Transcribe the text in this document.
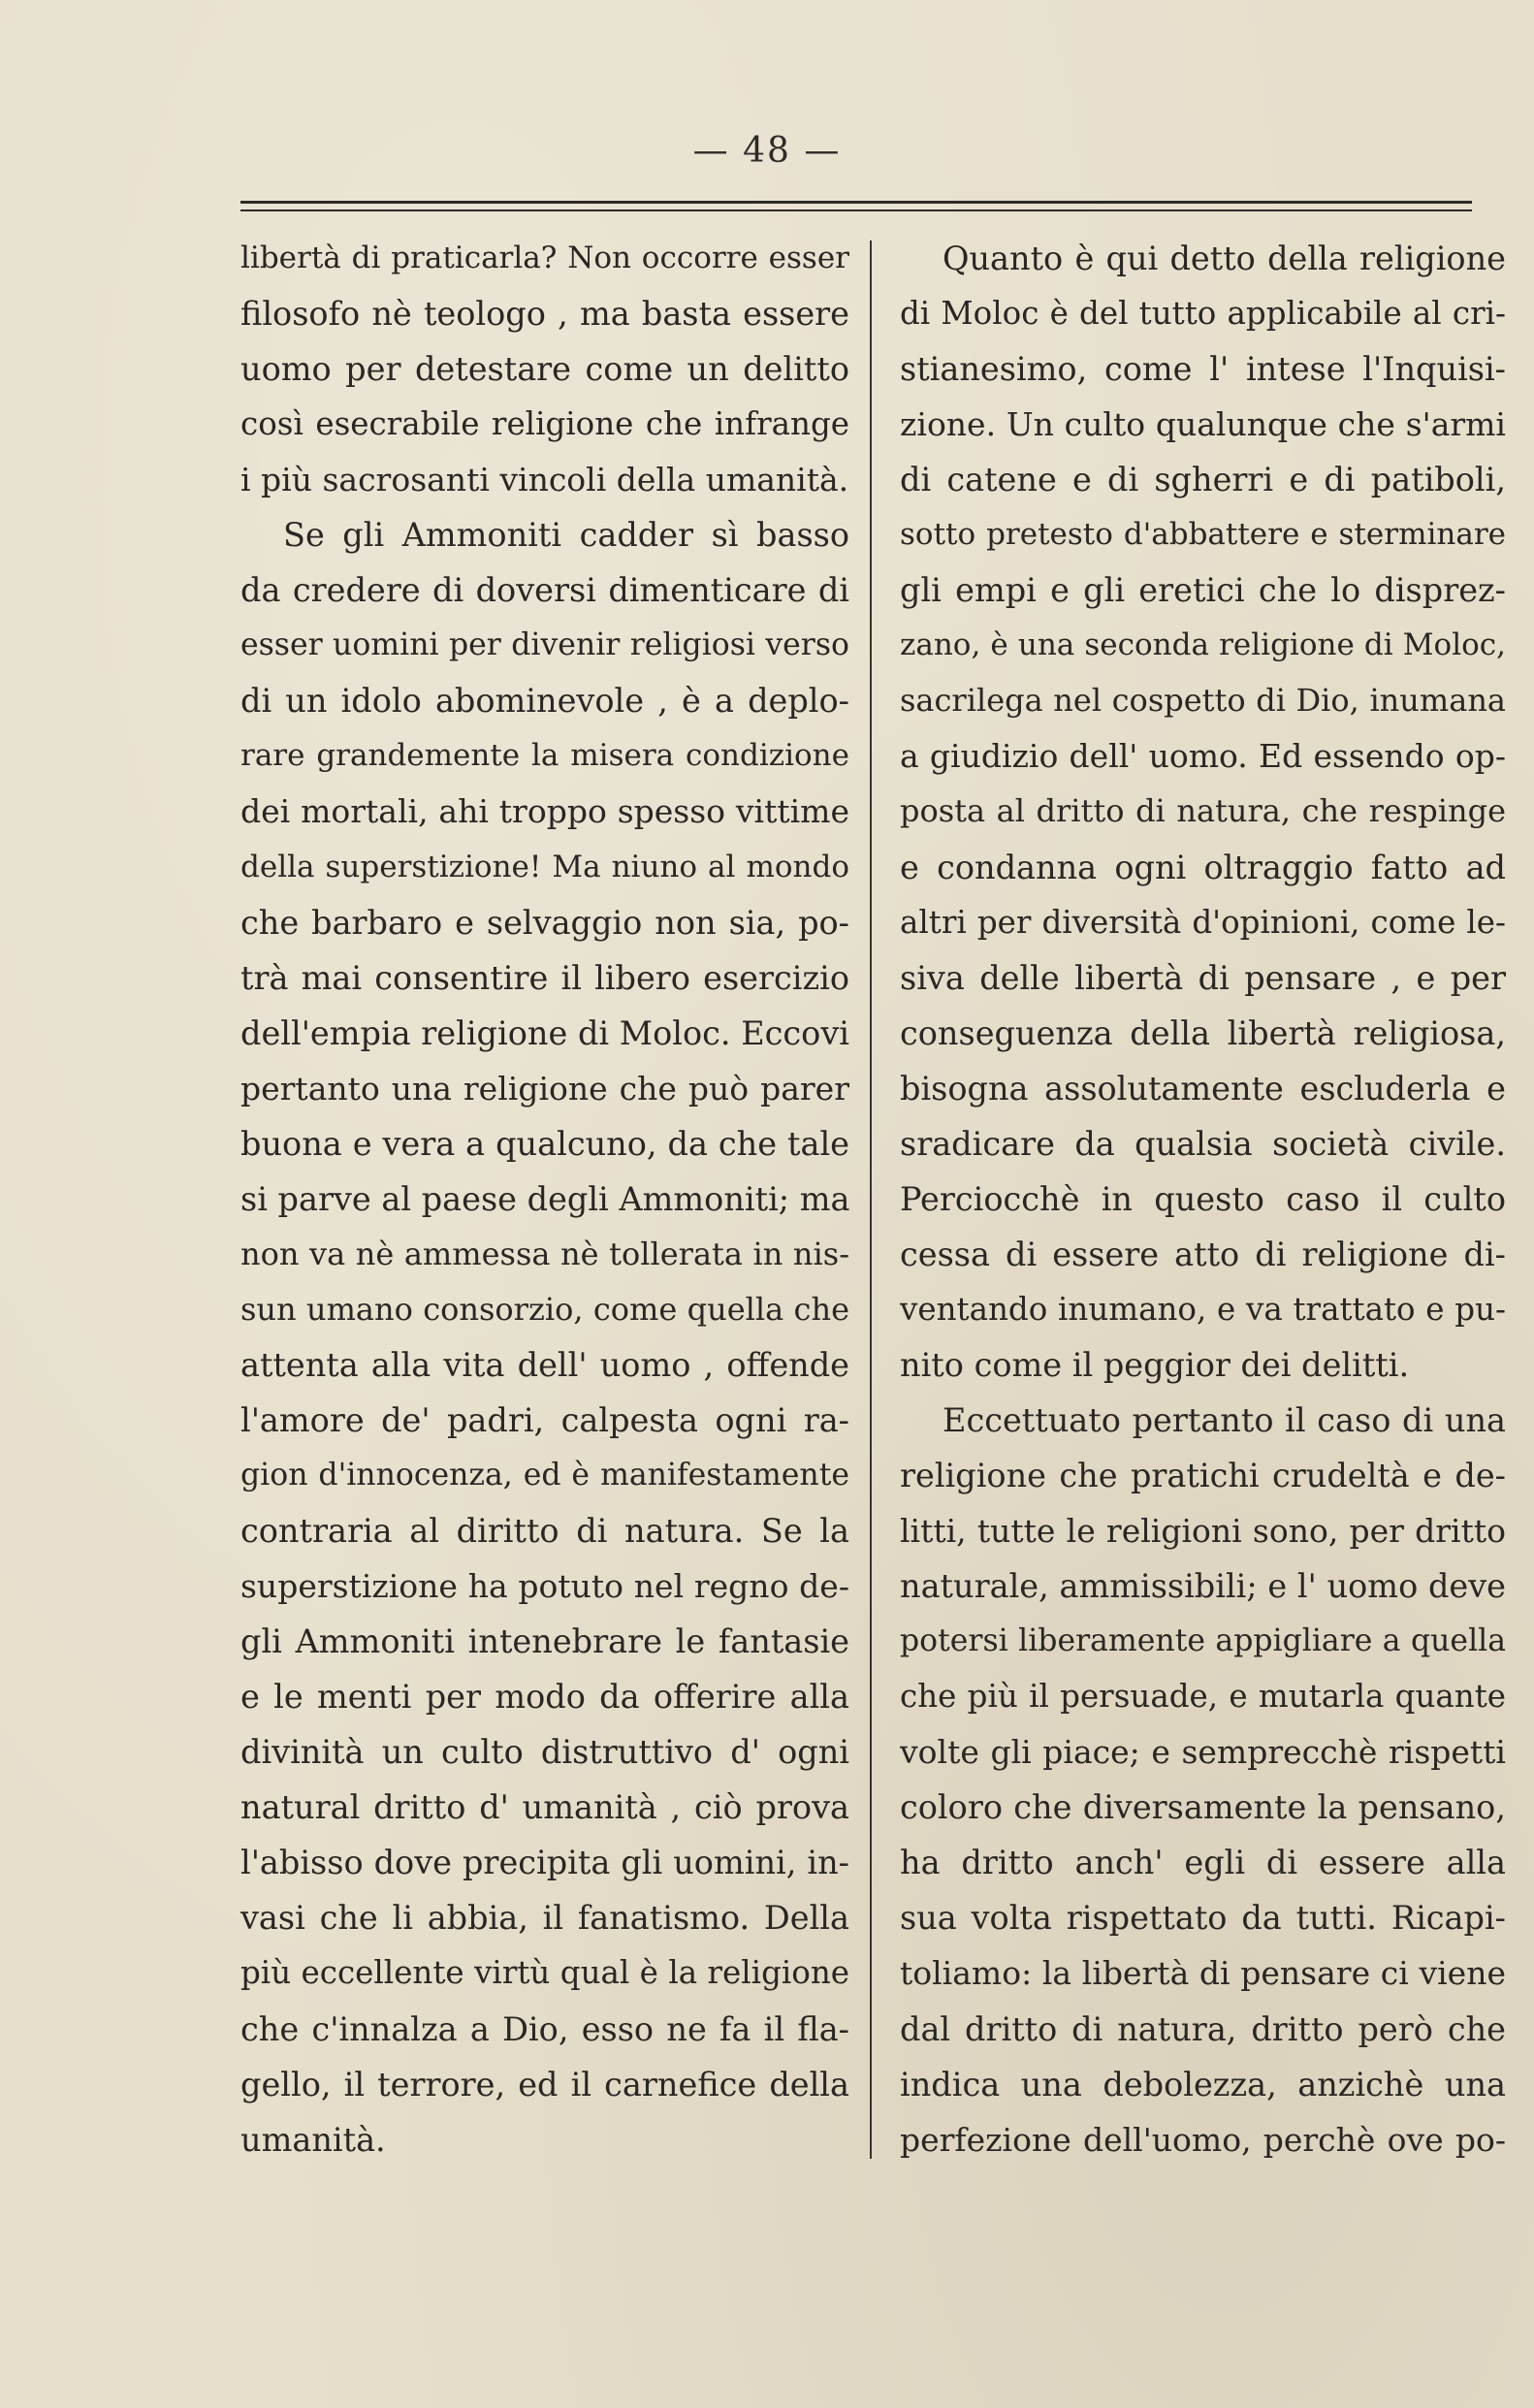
— 48 —
libertà di praticarla? Non occorre esser
filosofo nè teologo , ma basta essere
uomo per detestare come un delitto
così esecrabile religione che infrange
i più sacrosanti vincoli della umanità.
Se gli Ammoniti cadder sì basso
da credere di doversi dimenticare di
esser uomini per divenir religiosi verso
di un idolo abominevole , è a deplo-
rare grandemente la misera condizione
dei mortali, ahi troppo spesso vittime
della superstizione! Ma niuno al mondo
che barbaro e selvaggio non sia, po-
trà mai consentire il libero esercizio
dell'empia religione di Moloc. Eccovi
pertanto una religione che può parer
buona e vera a qualcuno, da che tale
si parve al paese degli Ammoniti; ma
non va nè ammessa nè tollerata in nis-
sun umano consorzio, come quella che
attenta alla vita dell' uomo , offende
l'amore de' padri, calpesta ogni ra-
gion d'innocenza, ed è manifestamente
contraria al diritto di natura. Se la
superstizione ha potuto nel regno de-
gli Ammoniti intenebrare le fantasie
e le menti per modo da offerire alla
divinità un culto distruttivo d' ogni
natural dritto d' umanità , ciò prova
l'abisso dove precipita gli uomini, in-
vasi che li abbia, il fanatismo. Della
più eccellente virtù qual è la religione
che c'innalza a Dio, esso ne fa il fla-
gello, il terrore, ed il carnefice della
umanità.
Quanto è qui detto della religione
di Moloc è del tutto applicabile al cri-
stianesimo, come l' intese l'Inquisi-
zione. Un culto qualunque che s'armi
di catene e di sgherri e di patiboli,
sotto pretesto d'abbattere e sterminare
gli empi e gli eretici che lo disprez-
zano, è una seconda religione di Moloc,
sacrilega nel cospetto di Dio, inumana
a giudizio dell' uomo. Ed essendo op-
posta al dritto di natura, che respinge
e condanna ogni oltraggio fatto ad
altri per diversità d'opinioni, come le-
siva delle libertà di pensare , e per
conseguenza della libertà religiosa,
bisogna assolutamente escluderla e
sradicare da qualsia società civile.
Perciocchè in questo caso il culto
cessa di essere atto di religione di-
ventando inumano, e va trattato e pu-
nito come il peggior dei delitti.
Eccettuato pertanto il caso di una
religione che pratichi crudeltà e de-
litti, tutte le religioni sono, per dritto
naturale, ammissibili; e l' uomo deve
potersi liberamente appigliare a quella
che più il persuade, e mutarla quante
volte gli piace; e semprecchè rispetti
coloro che diversamente la pensano,
ha dritto anch' egli di essere alla
sua volta rispettato da tutti. Ricapi-
toliamo: la libertà di pensare ci viene
dal dritto di natura, dritto però che
indica una debolezza, anzichè una
perfezione dell'uomo, perchè ove po-
